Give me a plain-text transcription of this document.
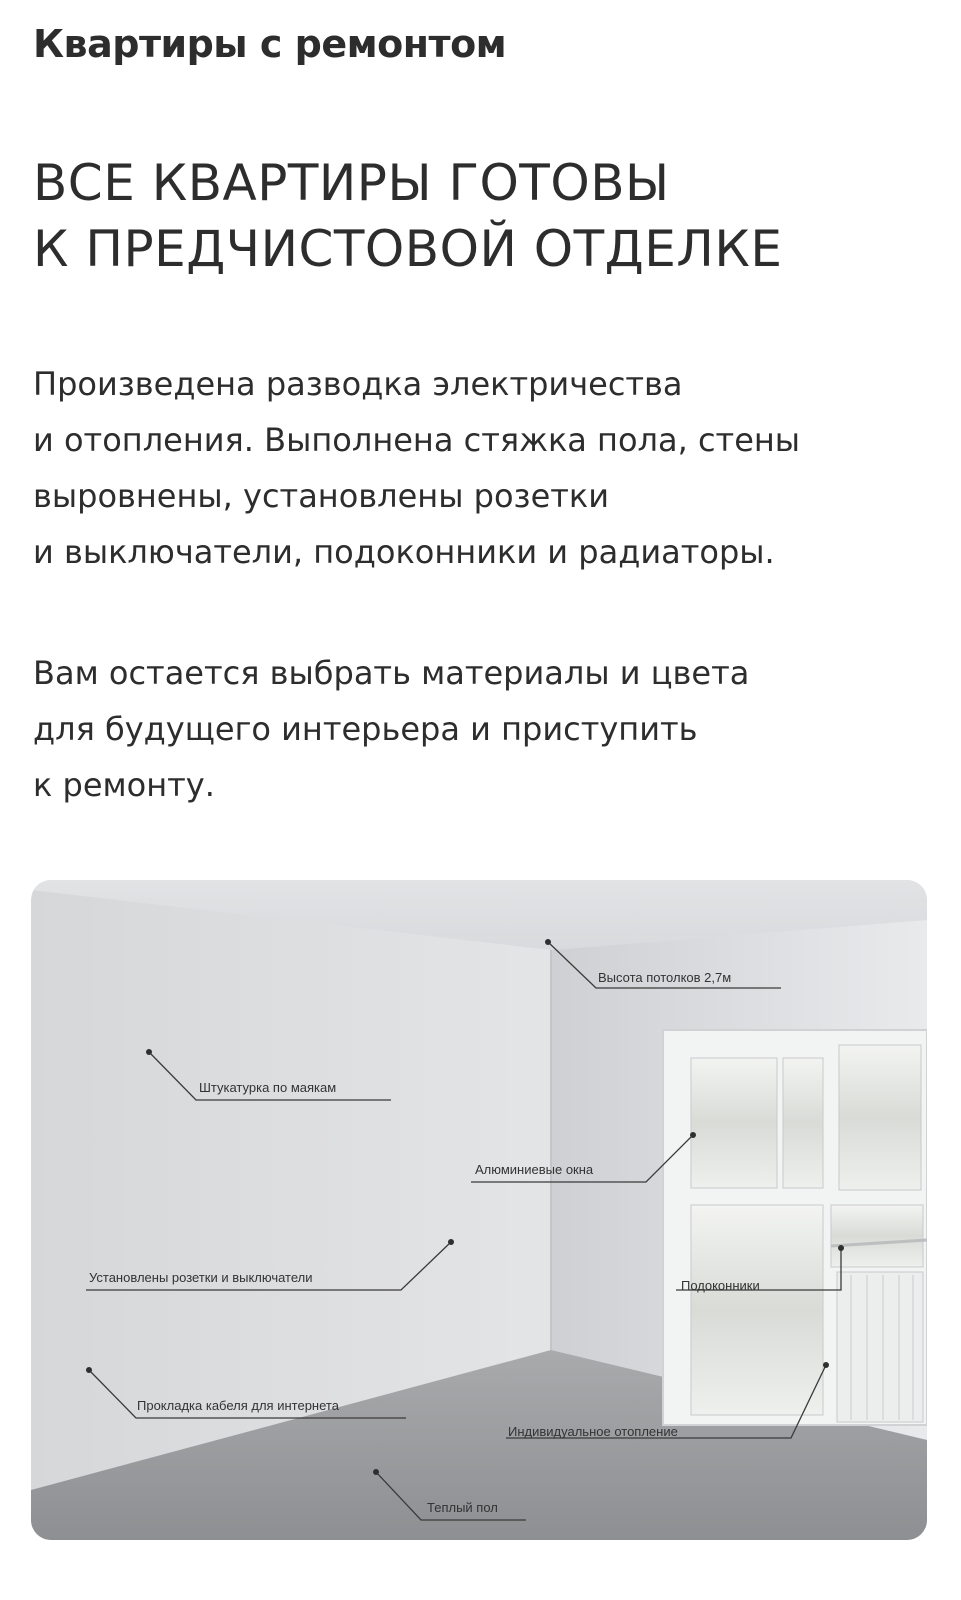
Квартиры с ремонтом
ВСЕ КВАРТИРЫ ГОТОВЫ
К ПРЕДЧИСТОВОЙ ОТДЕЛКЕ
Произведена разводка электричества
и отопления. Выполнена стяжка пола, стены
выровнены, установлены розетки
и выключатели, подоконники и радиаторы.
Вам остается выбрать материалы и цвета
для будущего интерьера и приступить
к ремонту.
Высота потолков 2,7м
Штукатурка по маякам
Алюминиевые окна
Установлены розетки и выключатели
Подоконники
Прокладка кабеля для интернета
Индивидуальное отопление
Теплый пол
